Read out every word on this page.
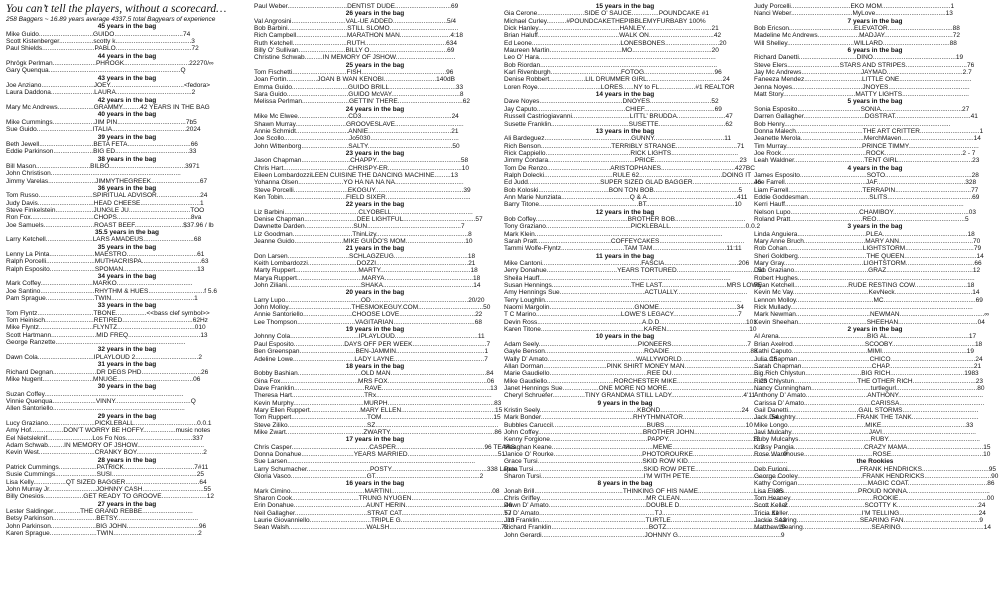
You can’t tell the players, without a scorecard…

258 Baggers ~ 16.89 years average 4337.5 total Bagyears of experience

45 years in the bag

Mike Guido..............................GUIDO......................................74

Scott Kistenberger...................scotty k..........................................3

Paul Shields.............................PABLO..........................................72

44 years in the bag

Phrögk Perlman........................PHROGK....................................22270/∞

Gary Quenqua.........................................................................Q

43 years in the bag

Joe Anziano.............................JOEY.........................................<fedora>

Laura Daddona........................LAURA..........................................2

42 years in the bag

Mary Mc Andrews....................GRAMMY..........42 YEARS IN THE BAG

40 years in the bag

Mike Cummings.......................JIM PIN......................................7b5

Sue Guido...............................ITALIA.........................................2024

39 years in the bag

Beth Jewell..............................BETA FETA...................................66

Eddie Parkinson......................BIG ED.........................................33

38 years in the bag

Bill Mason..............................BILBO..........................................3971

John Christison........................................................................

Jimmy Varelas..........................JIMMYTHEGREEK...........................67

36 years in the bag

Tom Russo..............................SPIRITUAL ADVISOR........................24

Judy Davis...............................HEAD CHEESE.................................1

Steve Finkelstein.....................JUNGLE JU..................................TOO

Ron Fox...................................CHOPS.........................................8va

Joe Samuels............................ROAST BEEF...........................$37.96 / lb

35.5 years in the bag

Larry Ketchell..........................LARS AMADEUS............................68

35 years in the bag

Lenny La Pinta.........................MAESTRO.......................................61

Ralph Porcelli...........................MUTHACRISPA.................................63

Ralph Esposito.........................SPOMAN.........................................13

34 years in the bag

Mark Coffey.............................MARKO..........................................

Joe Santino..............................RHYTHM & HUES...............................f 5.6

Pam Sprague...........................TWIN..............................................1

33 years in the bag

Tom Flyntz...............................TBONE.................<<bass clef symbol>>

Tom Heinisch...........................RETIRED.......................................62Hz

Mike Flyntz..............................FLYNTZ...........................................010

Scott Hartmann.........................MID FREQ........................................13

George Ranzette........................................................................

32 years in the bag

Dawn Cola...............................IPLAYLOUD 2...................................2

31 years in the bag

Richard Degnan........................DR DEGS PHD.................................26

Mike Nugent............................MNUGE..........................................06

30 years in the bag

Suzan Coffey.............................................................................

Vinnie Quenqua........................VINNY..........................................Q

Allen Santoriello.........................................................................

29 years in the bag

Lucy Graziano..........................PICKLEBALL...................................0.0.1

Amy Hof..................DON’T WORRY BE HOFFY..................music notes

Eel Nietsleknif.........................Los Fo Nos.....................................337

Adam Schwab.........IN MEMORY OF JSHOW.....................................

Kevin West...............................CRANKY BOY.....................................2

28 years in the bag

Patrick Cummings.....................PATRICK.......................................7#11

Susie Cummings.......................SUSI...............................................25

Lisa Kelly..................QT SIZED BAGGER.........................................64

John Murray Jr..........................JOHNNY CASH..................................55

Billy Onesios......................GET READY TO GROOVE.........................12

27 years in the bag

Lester Saldinger...............THE GRAND REBBE............................

Betsy Parkinson........................BETSY.............................................

John Parkinson.........................BIG JOHN........................................96

Karen Sprague..........................TWIN...............................................2

Paul Weber.................................DENTIST DUDE...............................69

26 years in the bag

Val Angrosini..............................VAL-UE ADDED..............................5/4

Bob Barbini.................................STILL SLOMO......................................

Rich Campbell............................MARATHON MAN............................4:18

Ruth Ketchell..............................RUTH.............................................634

Billy O’ Sullivan..........................BILLY O...........................................69

Christine Schwab..........IN MEMORY OF JSHOW.................................

25 years in the bag

Tom Fischetti..............................FISH...............................................96

Joan Fortin.................JOAN B WAN KENOBI.............................140dB

Emma Guido...............................GUIDO BRILL.....................................33

Sara Guido..................................GUIDO McVAY......................................8

Melissa Perlman..........................GETTIN’ THERE....................................62

24 years in the bag

Mike Mc Elwee............................CD3..................................................24

Shawn Murray............................GROOVESLAVE......................................

Annie Schmidt.............................ANNIE..............................................21

Joe Scollo....................................Jo5030.................................................

John Wittenborg..........................SALTY...............................................50

23 years in the bag

Jason Chapman...........................CHAPPY...............................................58

Chris Hart....................................CHRISPY-ER.........................................10

Eileen LombardozziLEEN CUISINE THE DANCING MACHINE.........13

Yohanna Olsen.........................YO HA NA NA NA......................................

Steve Porcelli..............................EKOGUY.................................................39

Ken Tobin...................................FIELD SIXER...............................................

22 years in the bag

Liz Barbini.........................................CLYOBELL.............................................

Denise Chapman.............................DEE LIGHTFUL........................................57

Dawnette Darden...........................SUN....................................................7

Liz Goodman.................................ThinLizy...................................................8

Jeanne Guido...........................MIKE GUIDO’S MOM.................................10

21 years in the bag

Don Larsen..................................SCHLAGZEUG.........................................18

Keith Lombardozzi...........................DOZZI...................................................21

Marty Ruppert...................................MARTY..................................................18

Marya Ruppert....................................MARYA.................................................18

John Ziliani.........................................SHAKA..................................................14

20 years in the bag

Larry Lupo..........................................OD......................................................20/20

John Molloy...................................THESMOKEGUY.COM....................................50

Annie Santoriello...........................CHOOSE LOVE..........................................22

Lee Thompson................................VAGITARIAN.............................................68

19 years in the bag

Johnny Cola......................................IPLAYLOUD..............................................11

Paul Esposito............................DAYS OFF PER WEEK.........................................7

Ben Greenspan...............................BEN-JAMMIN.................................................1

Adeline Lowe..................................LADY LAYNE..................................................7

18 years in the bag

Bobby Bashian...................................OLD MAN.....................................................84

Gina Fox...........................................MRS FOX.......................................................06

Dave Franklin.......................................RAVE............................................................13

Theresa Hart........................................TRx................................................................

Kevin Murphy.......................................MURPH...........................................................83

Mary Ellen Ruppert............................MARY ELLEN....................................................15

Tom Ruppert..........................................TOM..............................................................15

Steve Ziliko............................................SZ....................................................................

Mike Zwart...........................................ZWARTY..........................................................86

17 years in the bag

Chris Casper...........................................CASPER.................................................96 TEARS

Donna Donahue.............................YEARS MARRIED..................................................51

Sue Larsen........................................................................................................

Larry Schumacher...................................POSTY.....................................................338 Lapua

Gloria Vasco..........................................GT..........................................................2

16 years in the bag

Mark Cimino.........................................MARTINI........................................................08

Sharon Cook.....................................TRUNG NYUGEN....................................................

Erin Donahue........................................AUNT HERIN.......................................................46

Neil Gallagher........................................STRAT CAT.........................................................57

Laurie Giovanniello..................................TRIPLE G...........................................................13

Sean Walsh...........................................WALSH..............................................................72

15 years in the bag

Gia Cerone..........................SIDE O’ SAUCE...............POUNDCAKE #1

Michael Curley...........#POUNDCAKETHEPIBBLEMYFURBABY 100%

Dick Hanley.............................................HANLEY.....................................21

Brian Haluff.............................................WALK ON....................................42

Ed Leone.................................................LONESBONES..............................20

Maureen Martin........................................MO............................................20

Leo O’ Hara..................................................................................................

Bob Riordan..................................................................................................

Karl Rivenburgh.......................................FOTOG.......................................96

Denise Robbert....................LIL DRUMMER GIRL..........................................24

Loren Roye...................................LORES......NY to FL....................#1 REALTOR

14 years in the bag

Dave Noyes..............................................DNOYES..................................52

Jay Caputo.................................................CHIEF.......................................69

Russell Castriogiavanni................................LITTL’ BRUDDA...........................47

Susette Franklin...........................................SUSETTE.....................................62

13 years in the bag

Ali Bardeguez................................................GUNNY.......................................11

Rich Benson.......................................TERRIBLY STRANGE..................................71

Rick Cappiello...............................................RICK LIGHTS.....................................

Jimmy Cordara................................................PRICE...............................................23

Tom De Renzo...................................ARISTOPHANES.........................................427BC

Ralph Dolecki......................................RULE 62..............................................DOING IT

Ed Judd........................................SUPER SIZED GLAD BAGGER..................................46

Bob Koloski.......................................BON TON BOB...............................................5

Ann Marie Nunziata......................................Q & A..................................................411

Barry Titone.......................................................BT.................................................10

12 years in the bag

Bob Coffey...................................................BROTHER BOB.......................................

Tony Graziano...............................................PICKLEBALL..........................................0.0.2

Mark Klein........................................................................................................

Sarah Pratt.........................................COFFEYCAKES...............................................

Tammi Wolfe-Flyntz...................................TAM TAM.........................................11:11

11 years in the bag

Mike Cantoni.......................................................FASCIA.........................................206

Jerry Donahue.......................................YEARS TORTURED.............................................51

Sheila Hauff..........................................................................................................

Susan Hennings............................................THE LAST....................................MRS LOWE

Amy Hennings Sue...............................................ACTUALLY.......................................

Terry Loughlin.............................................................................................................

Naomi Margolin...............................................GNOME...........................................34

T C Marino...............................................LOWE’S LEGACY....................................7

Devin Ross..........................................................A.D.D................................................101

Karen Titone.........................................................KAREN..............................................10

10 years in the bag

Adam Seely.......................................................PIONEERS..........................................7

Gayle Benson.......................................................ROADIE.............................................88

Wally D’ Amato.................................................WALLYWORLD.................................................15

Allan Dorman...................................PINK SHIRT MONEY MAN................................................

Marie Gaudiello......................................................REE DU....................................................

Mike Gaudiello.....................................RORCHESTER MIKE..............................................23

Janet Hennings Sue....................ONE MORE NO MORE......................................................

Cheryl Schruefer..................TINY GRANDMA STILL LADY........................................4’11”

9 years in the bag

Kristin Seely......................................................KBOND.............................................24

Mark Bonder...................................................RHYTHMNATOR.................................................54

Bubbles Caruccil....................................................BUBS.............................................10

John Coffey..........................................................BROTHER JOHN...................................................

Kenny Forgione......................................................PAPPY...............................................12

Meaghan Keane........................................................MEME.................................................2

Janice O’ Rourke.................................................PHOTOROURKE..................................................9

Grace Tursi..........................................................SKID ROW KID.......................................................

Pete Tursi.............................................................SKID ROW PETE.....................................................

Sharon Tursi.........................................................I’M WITH PETE.....................................................

8 years in the bag

Jonah Brill.................................................THINKING OF HIS NAME...........................................35

Chris Griffey...........................................................MR CLEAN.........................................................

Dawn D’ Amato......................................................DOUBLE D..........................................................2

TJ D’ Amato................................................................TJ.............................................................11

Jim Franklin...........................................................TURTLE............................................................13

Richard Franklin......................................................BOTZ..............................................................10

John Gerardi.........................................................JOHNNY G.........................................................9

Judy Porcelli.................................EKO MOM......................................1

Nanci Weber..................................MyLove.......................................13

7 years in the bag

Bob Ericson....................................ELEVATOR....................................88

Madeline Mc Andrews.......................MADJAY......................................72

Will Shelley.....................................WILLARD.....................................88

6 years in the bag

Richard Danetti................................DINO..............................................19

Steve Elers.............................STARS AND STRIPES..................................76

Jay Mc Andrews.................................JAYMAD..........................................2.7

Faneeza Mendez................................LITTLE ONE........................................

Jenna Noyes.......................................JNOYES.............................................

Matt Story........................................MATTY LIGHTS.....................................

5 years in the bag

Sonia Esposito...................................SONIA.............................................27

Darren Gallagher..................................DGSTRAT..........................................41

Bob Henry............................................................................................

Donna Malech.....................................THE ART CRITTER.................................1

Jeanette Merola...................................MerchMaven........................................14

Tim Murray..........................................PRINCE TIMMY.......................................

Joe Rock...............................................ROCK...........................................2 - 7

Leah Waldner.......................................TENT GIRL.........................................23

4 years in the bag

James Esposito.....................................SOTO................................................28

Joe Farrell.............................................JAF.................................................328

Liam Farrell.........................................TERRAPIN..........................................77

Eddie Goddesman..................................SLITS...............................................69

Kerri Hauff...................................................................................................

Nelson Lupo......................................CHAMIBOY..........................................03

Roland Pratt........................................REO.................................................5

3 years in the bag

Linda Anguiera......................................PLEA...............................................18

Mary Anne Bruch..................................MARY ANN.........................................70

Rob Cohan..........................................LIGHTSTORM......................................79

Sheri Goldberg......................................THE QUEEN........................................14

Mary Gray............................................LIGHTSTORM......................................66

Dan Graziano.........................................GRAZ................................................12

Robert Hughes..................................................................................................

Ryan Ketchell..............................RUDE RESTING COW.............................18

Kevin Mc Vay..........................................KevNeck...........................................14

Lennon Molloy...........................................MC...................................................69

Rick Mullady.....................................................................................................

Mark Newman.........................................NEWMAN...............................................∞

Kevin Sheehan......................................SHEEHAN............................................04

2 years in the bag

Al Arena.................................................BIG AL.............................................17

Brian Axelrod........................................SCOOBY..............................................18

Kathi Caputo..........................................MIMI...............................................19

Julia Chapman........................................CHICO...............................................24

Sarah Chapman.......................................CHAP...............................................21

Big Rich Chlystun...............................BIG RICH.........................................1983

Rich Chlystun...................................THE OTHER RICH...................................23

Nancy Cunningham.................................turtlegurl.............................................80

Anthony D’ Amato..................................ANTHONY...............................................

Carissa D’ Amato.....................................CARISSA...............................................

Gail Danetti.......................................GAIL STORMS..........................................

Jack Daughtry..................................FRANK THE TANK.....................................

Mike Longo...........................................MIKE...............................................33

Javi Mulcahy...........................................JAVI....................................................

Ruby Mulcahys........................................RUBY...................................................

Krissy Pangia.......................................CRAZY MAMA..........................................15

Rose Warehouse......................................ROSE...................................................10

the Rookies

Deb Furioni........................................FRANK HENDRICKS.....................................95

George Cooley....................................FRANK HENDRICKS.....................................90

Kathy Corrigan.......................................MAGIC COAT............................................86

Lisa Ellers.........................................PROUD NONNA..............................................

Tom Heaney..............................................ROOKIE.................................................00

Scott Keller...........................................SCOTTY K.............................................24

Tricia Keller.........................................I’M TELLING............................................24

Jackie Searing...................................SEARING FAN..........................................9

Matthew Searing......................................SEARING..............................................14
